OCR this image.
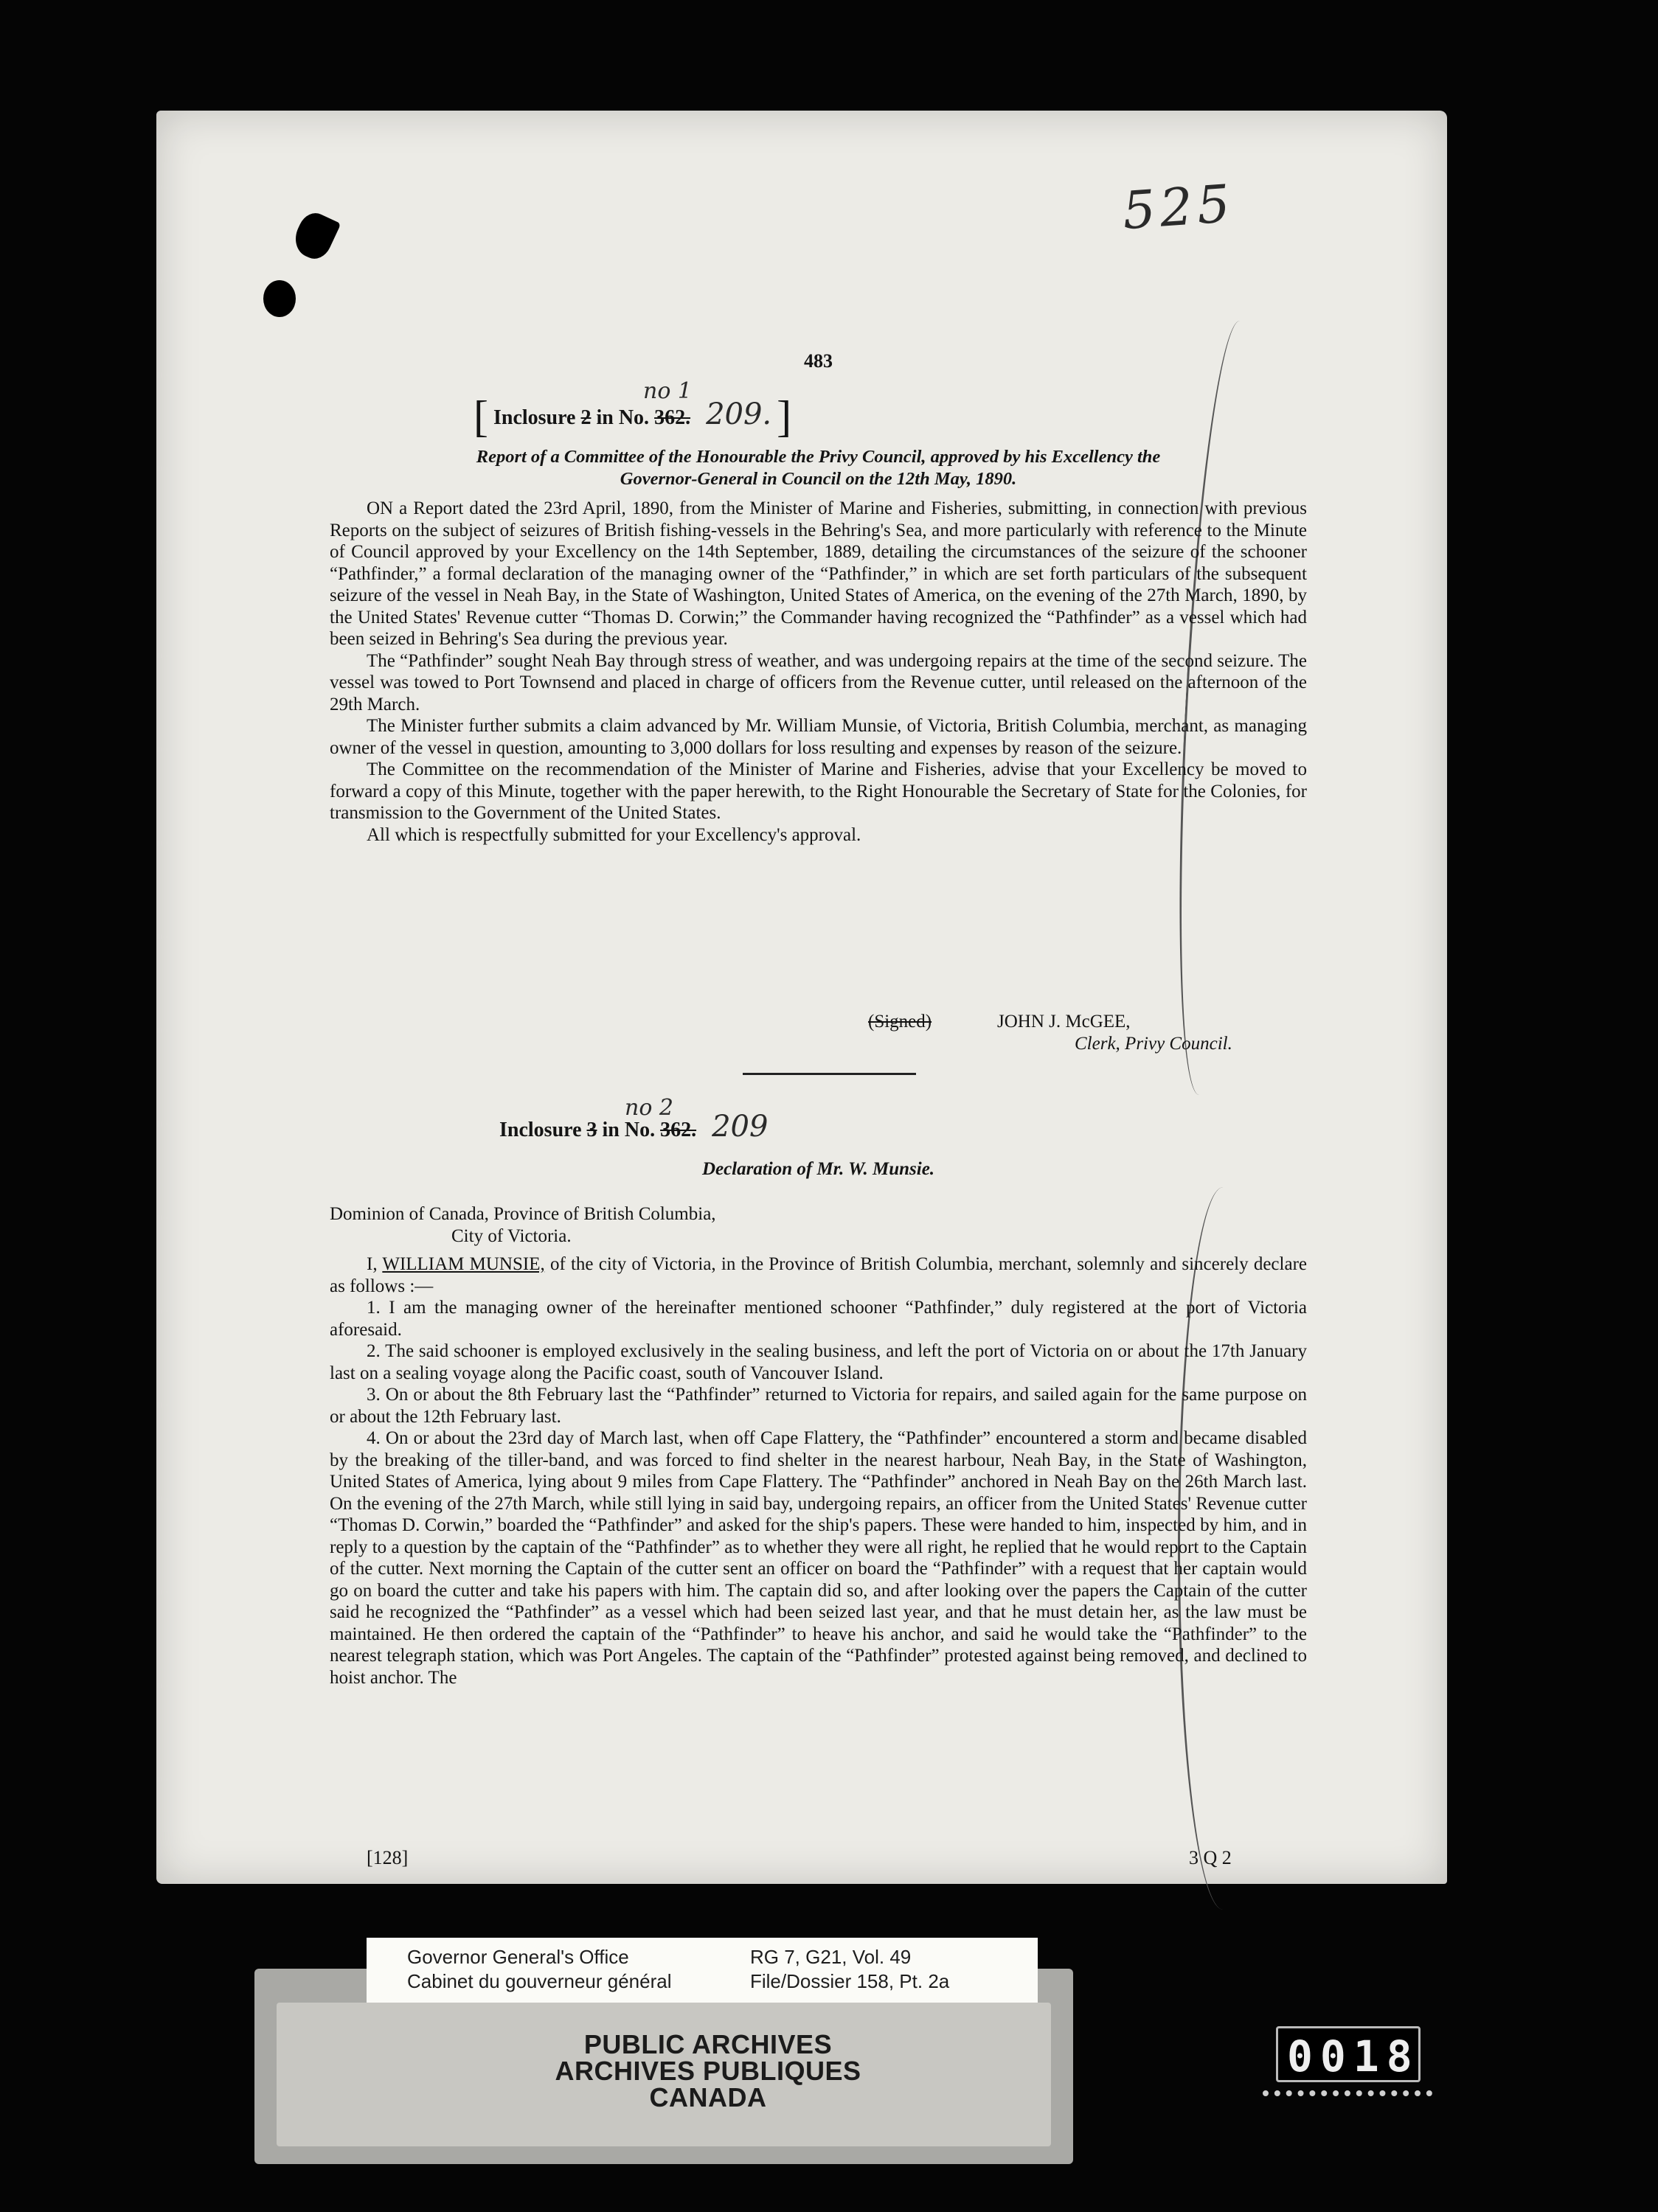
525
483
[
no 1
Inclosure 2 in No. 362. 209. ]
Report of a Committee of the Honourable the Privy Council, approved by his Excellency the
Governor-General in Council on the 12th May, 1890.

ON a Report dated the 23rd April, 1890, from the Minister of Marine and Fisheries, submitting, in connection with previous Reports on the subject of seizures of British fishing-vessels in the Behring's Sea, and more particularly with reference to the Minute of Council approved by your Excellency on the 14th September, 1889, detailing the circumstances of the seizure of the schooner “Pathfinder,” a formal declaration of the managing owner of the “Pathfinder,” in which are set forth particulars of the subsequent seizure of the vessel in Neah Bay, in the State of Washington, United States of America, on the evening of the 27th March, 1890, by the United States' Revenue cutter “Thomas D. Corwin;” the Commander having recognized the “Pathfinder” as a vessel which had been seized in Behring's Sea during the previous year.

The “Pathfinder” sought Neah Bay through stress of weather, and was undergoing repairs at the time of the second seizure. The vessel was towed to Port Townsend and placed in charge of officers from the Revenue cutter, until released on the afternoon of the 29th March.

The Minister further submits a claim advanced by Mr. William Munsie, of Victoria, British Columbia, merchant, as managing owner of the vessel in question, amounting to 3,000 dollars for loss resulting and expenses by reason of the seizure.

The Committee on the recommendation of the Minister of Marine and Fisheries, advise that your Excellency be moved to forward a copy of this Minute, together with the paper herewith, to the Right Honourable the Secretary of State for the Colonies, for transmission to the Government of the United States.

All which is respectfully submitted for your Excellency's approval.

(Signed)	JOHN J. McGEE,
Clerk, Privy Council.
no 2
Inclosure 3 in No. 362. 209
Declaration of Mr. W. Munsie.
Dominion of Canada, Province of British Columbia,
City of Victoria.

I, WILLIAM MUNSIE, of the city of Victoria, in the Province of British Columbia, merchant, solemnly and sincerely declare as follows :—

1. I am the managing owner of the hereinafter mentioned schooner “Pathfinder,” duly registered at the port of Victoria aforesaid.

2. The said schooner is employed exclusively in the sealing business, and left the port of Victoria on or about the 17th January last on a sealing voyage along the Pacific coast, south of Vancouver Island.

3. On or about the 8th February last the “Pathfinder” returned to Victoria for repairs, and sailed again for the same purpose on or about the 12th February last.

4. On or about the 23rd day of March last, when off Cape Flattery, the “Pathfinder” encountered a storm and became disabled by the breaking of the tiller-band, and was forced to find shelter in the nearest harbour, Neah Bay, in the State of Washington, United States of America, lying about 9 miles from Cape Flattery. The “Pathfinder” anchored in Neah Bay on the 26th March last. On the evening of the 27th March, while still lying in said bay, undergoing repairs, an officer from the United States' Revenue cutter “Thomas D. Corwin,” boarded the “Pathfinder” and asked for the ship's papers. These were handed to him, inspected by him, and in reply to a question by the captain of the “Pathfinder” as to whether they were all right, he replied that he would report to the Captain of the cutter. Next morning the Captain of the cutter sent an officer on board the “Pathfinder” with a request that her captain would go on board the cutter and take his papers with him. The captain did so, and after looking over the papers the Captain of the cutter said he recognized the “Pathfinder” as a vessel which had been seized last year, and that he must detain her, as the law must be maintained. He then ordered the captain of the “Pathfinder” to heave his anchor, and said he would take the “Pathfinder” to the nearest telegraph station, which was Port Angeles. The captain of the “Pathfinder” protested against being removed, and declined to hoist anchor. The

[128]	3 Q 2
Governor General's Office
Cabinet du gouverneur général
RG 7, G21, Vol. 49
File/Dossier 158, Pt. 2a
PUBLIC ARCHIVES
ARCHIVES PUBLIQUES
CANADA
0018
